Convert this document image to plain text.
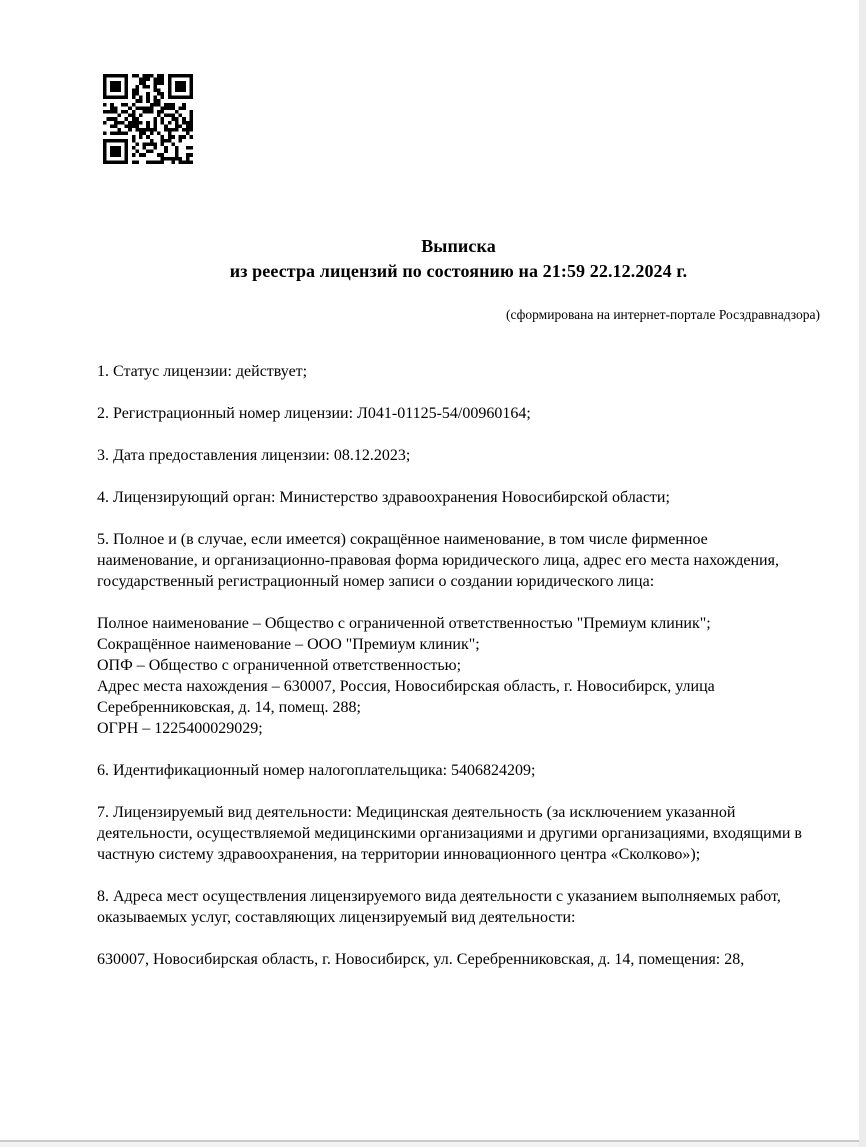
Выписка
из реестра лицензий по состоянию на 21:59 22.12.2024 г.
(сформирована на интернет-портале Росздравнадзора)
1. Статус лицензии: действует;
2. Регистрационный номер лицензии: Л041-01125-54/00960164;
3. Дата предоставления лицензии: 08.12.2023;
4. Лицензирующий орган: Министерство здравоохранения Новосибирской области;
5. Полное и (в случае, если имеется) сокращённое наименование, в том числе фирменное наименование, и организационно-правовая форма юридического лица, адрес его места нахождения, государственный регистрационный номер записи о создании юридического лица:
Полное наименование – Общество с ограниченной ответственностью "Премиум клиник";
Сокращённое наименование – ООО "Премиум клиник";
ОПФ – Общество с ограниченной ответственностью;
Адрес места нахождения – 630007, Россия, Новосибирская область, г. Новосибирск, улица Серебренниковская, д. 14, помещ. 288;
ОГРН – 1225400029029;
6. Идентификационный номер налогоплательщика: 5406824209;
7. Лицензируемый вид деятельности: Медицинская деятельность (за исключением указанной деятельности, осуществляемой медицинскими организациями и другими организациями, входящими в частную систему здравоохранения, на территории инновационного центра «Сколково»);
8. Адреса мест осуществления лицензируемого вида деятельности с указанием выполняемых работ, оказываемых услуг, составляющих лицензируемый вид деятельности:
630007, Новосибирская область, г. Новосибирск, ул. Серебренниковская, д. 14, помещения: 28,
